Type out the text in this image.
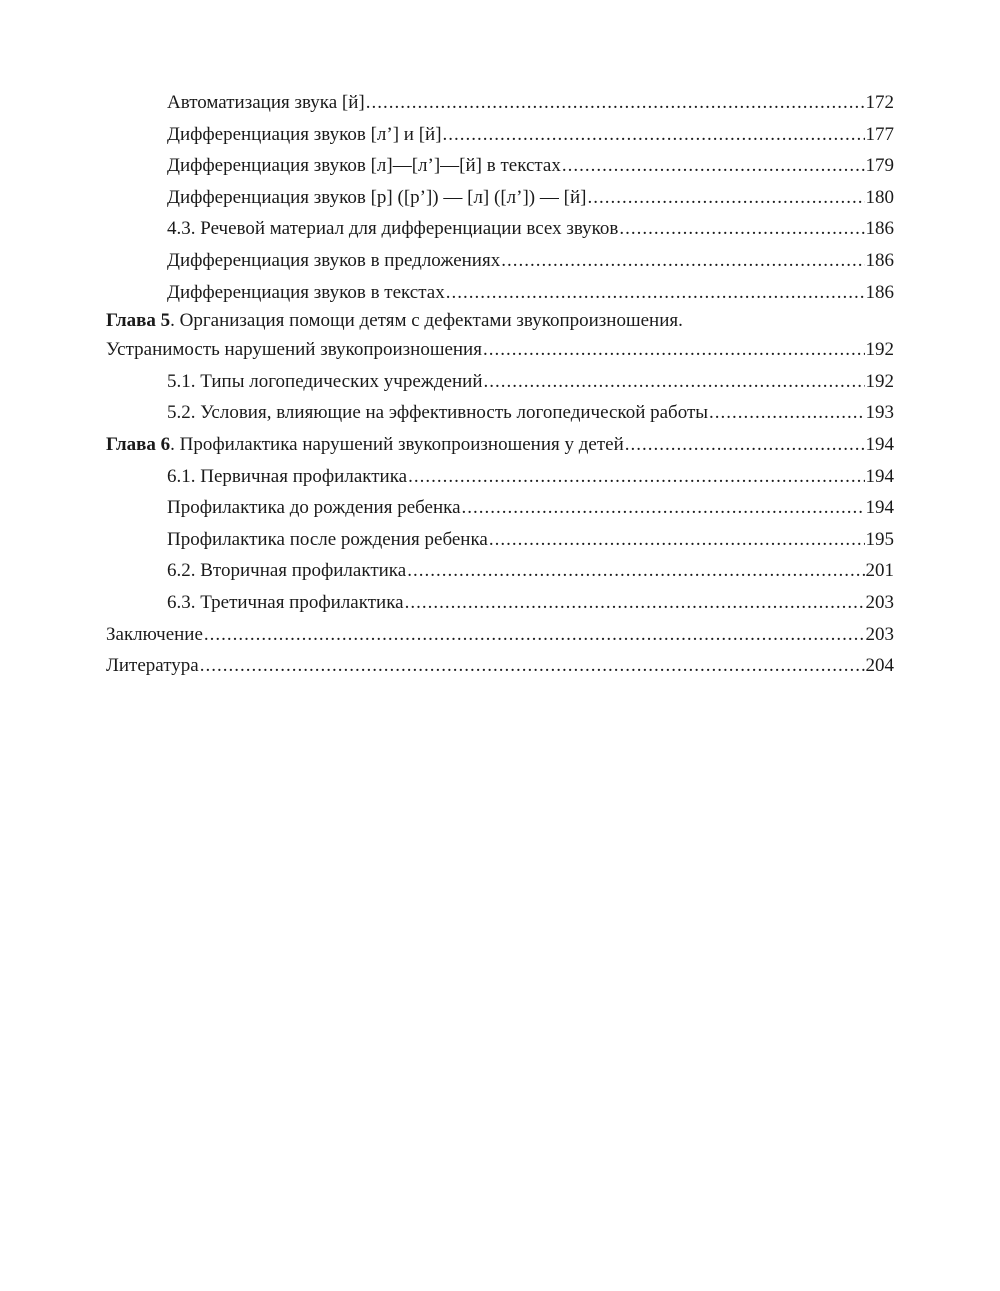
Автоматизация звука [й] .....	172
Дифференциация звуков [л’] и [й] .....	177
Дифференциация звуков [л]—[л’]—[й] в текстах .....	179
Дифференциация звуков [р] ([р’]) — [л] ([л’]) — [й] .....	180
4.3. Речевой материал для дифференциации всех звуков .....	186
Дифференциация звуков в предложениях .....	186
Дифференциация звуков в текстах .....	186
Глава 5. Организация помощи детям с дефектами звукопроизношения.
Устранимость нарушений звукопроизношения .....	192
5.1. Типы логопедических учреждений .....	192
5.2. Условия, влияющие на эффективность логопедической работы .....	193
Глава 6. Профилактика нарушений звукопроизношения у детей .....	194
6.1. Первичная профилактика .....	194
Профилактика до рождения ребенка .....	194
Профилактика после рождения ребенка .....	195
6.2. Вторичная профилактика .....	201
6.3. Третичная профилактика .....	203
Заключение .....	203
Литература .....	204
